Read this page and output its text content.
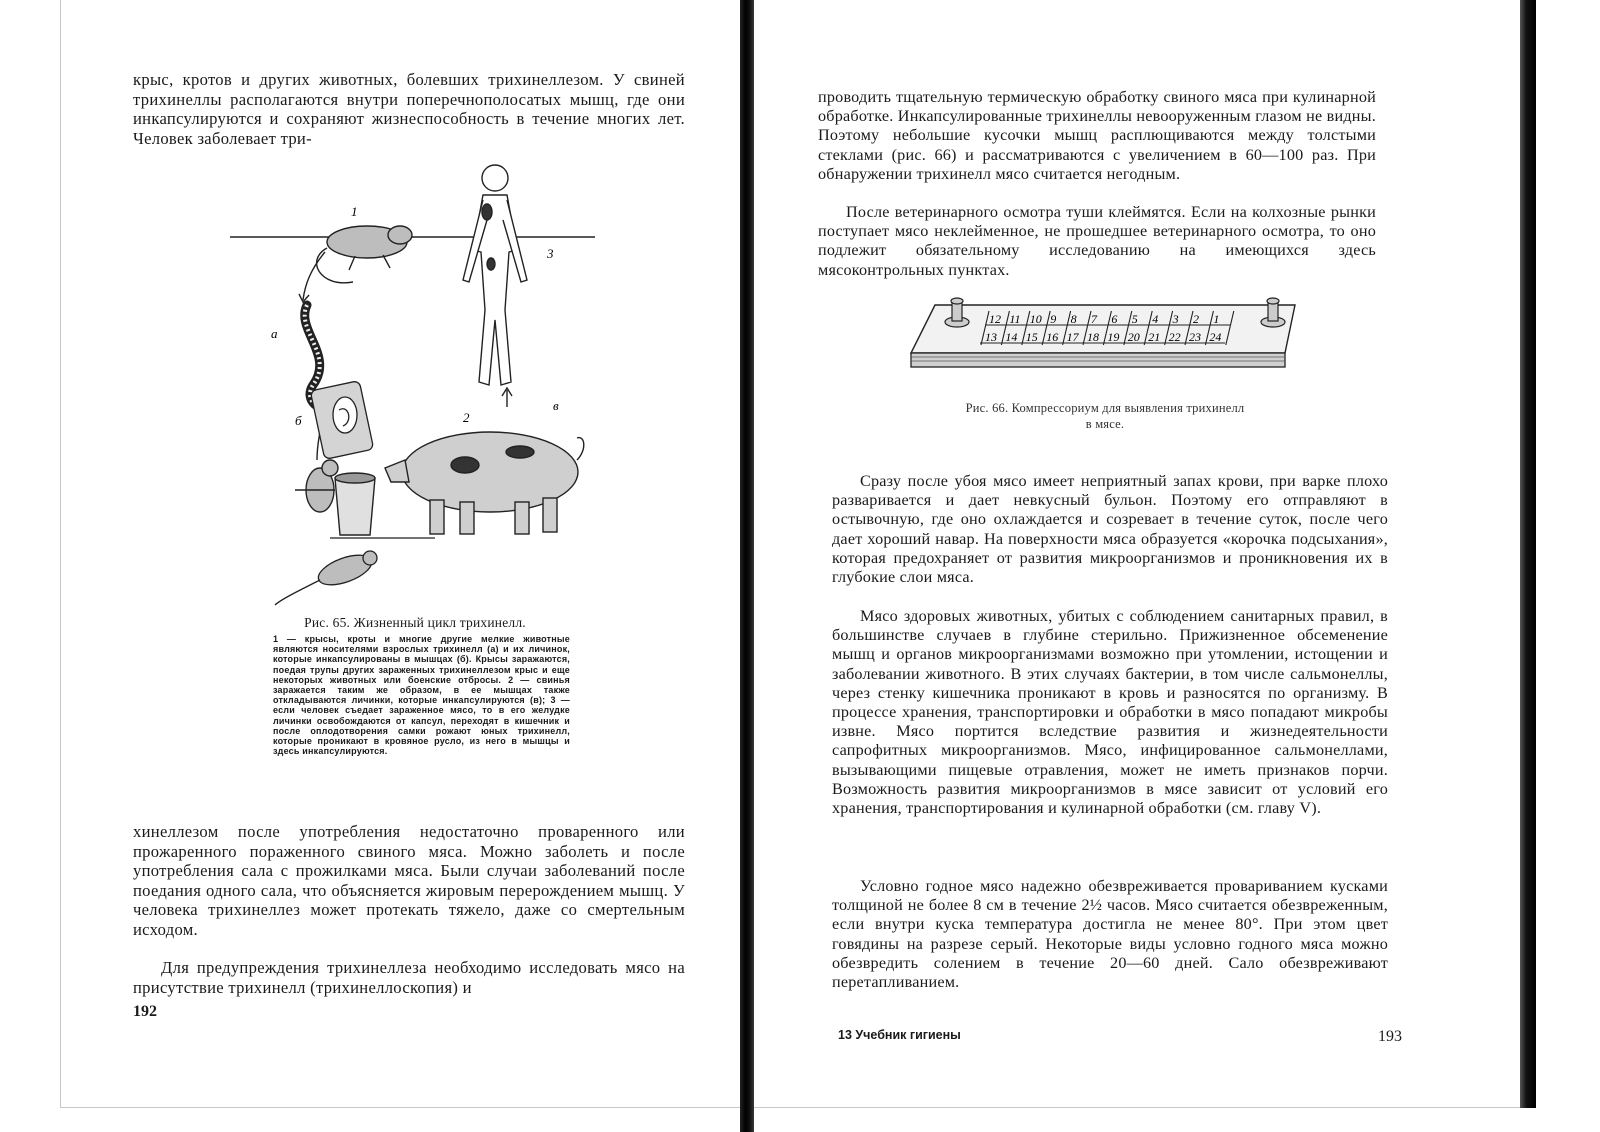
крыс, кротов и других животных, болевших трихинеллезом. У свиней трихинеллы располагаются внутри поперечнополосатых мышц, где они инкапсулируются и сохраняют жизнеспособность в течение многих лет. Человек заболевает три-

1
2
3
а
б
в
Рис. 65. Жизненный цикл трихинелл.
1 — крысы, кроты и многие другие мелкие животные являются носителями взрослых трихинелл (а) и их личинок, которые инкапсулированы в мышцах (б). Крысы заражаются, поедая трупы других зараженных трихинеллезом крыс и еще некоторых животных или боенские отбросы. 2 — свинья заражается таким же образом, в ее мышцах также откладываются личинки, которые инкапсулируются (в); 3 — если человек съедает зараженное мясо, то в его желудке личинки освобождаются от капсул, переходят в кишечник и после оплодотворения самки рожают юных трихинелл, которые проникают в кровяное русло, из него в мышцы и здесь инкапсулируются.

хинеллезом после употребления недостаточно проваренного или прожаренного пораженного свиного мяса. Можно заболеть и после употребления сала с прожилками мяса. Были случаи заболеваний после поедания одного сала, что объясняется жировым перерождением мышц. У человека трихинеллез может протекать тяжело, даже со смертельным исходом.

Для предупреждения трихинеллеза необходимо исследовать мясо на присутствие трихинелл (трихинеллоскопия) и

192

проводить тщательную термическую обработку свиного мяса при кулинарной обработке. Инкапсулированные трихинеллы невооруженным глазом не видны. Поэтому небольшие кусочки мышц расплющиваются между толстыми стеклами (рис. 66) и рассматриваются с увеличением в 60—100 раз. При обнаружении трихинелл мясо считается негодным.

После ветеринарного осмотра туши клеймятся. Если на колхозные рынки поступает мясо неклейменное, не прошедшее ветеринарного осмотра, то оно подлежит обязательному исследованию на имеющихся здесь мясоконтрольных пунктах.

12 11 10 9 8 7 6 5 4 3 2 1
13 14 15 16 17 18 19 20 21 22 23 24
Рис. 66. Компрессориум для выявления трихинелл
в мясе.

Сразу после убоя мясо имеет неприятный запах крови, при варке плохо разваривается и дает невкусный бульон. Поэтому его отправляют в остывочную, где оно охлаждается и созревает в течение суток, после чего дает хороший навар. На поверхности мяса образуется «корочка подсыхания», которая предохраняет от развития микроорганизмов и проникновения их в глубокие слои мяса.

Мясо здоровых животных, убитых с соблюдением санитарных правил, в большинстве случаев в глубине стерильно. Прижизненное обсеменение мышц и органов микроорганизмами возможно при утомлении, истощении и заболевании животного. В этих случаях бактерии, в том числе сальмонеллы, через стенку кишечника проникают в кровь и разносятся по организму. В процессе хранения, транспортировки и обработки в мясо попадают микробы извне. Мясо портится вследствие развития и жизнедеятельности сапрофитных микроорганизмов. Мясо, инфицированное сальмонеллами, вызывающими пищевые отравления, может не иметь признаков порчи. Возможность развития микроорганизмов в мясе зависит от условий его хранения, транспортирования и кулинарной обработки (см. главу V).

Условно годное мясо надежно обезвреживается провариванием кусками толщиной не более 8 см в течение 2½ часов. Мясо считается обезвреженным, если внутри куска температура достигла не менее 80°. При этом цвет говядины на разрезе серый. Некоторые виды условно годного мяса можно обезвредить солением в течение 20—60 дней. Сало обезвреживают перетапливанием.

13 Учебник гигиены	193
